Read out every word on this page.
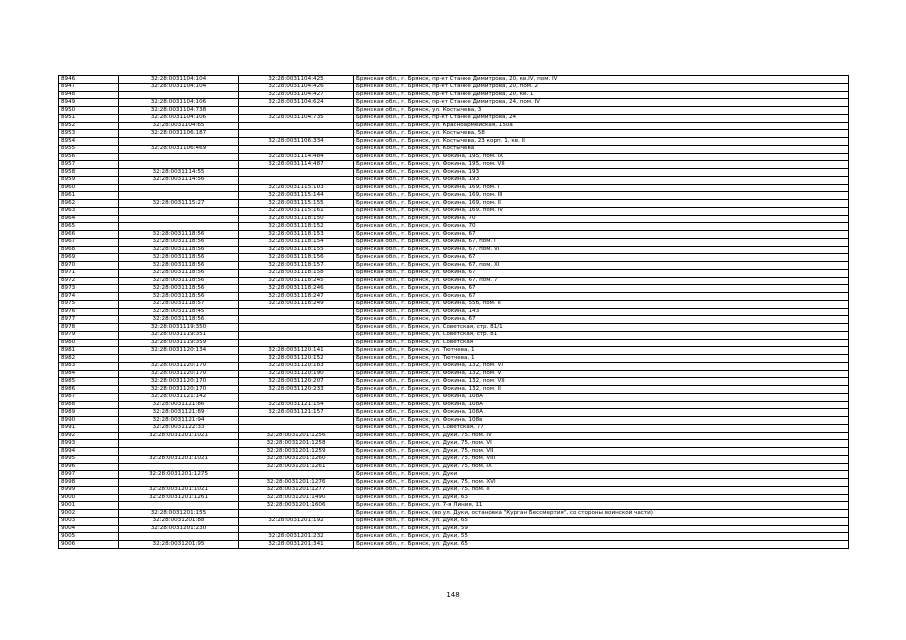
8946	32:28:0031104:104	32:28:0031104:425	Брянская обл., г. Брянск, пр-кт Станке Димитрова, 20, кв.IV, пом. IV
8947	32:28:0031104:104	32:28:0031104:426	Брянская обл., г. Брянск, пр-кт Станке Димитрова, 20, пом. 2
8948		32:28:0031104:427	Брянская обл., г. Брянск, пр-кт Станке Димитрова, 20, кв. 1
8949	32:28:0031104:106	32:28:0031104:624	Брянская обл., г. Брянск, пр-кт Станке Димитрова, 24, пом. IV
8950	32:28:0031104:738		Брянская обл., г. Брянск, ул. Костычева, 3
8951	32:28:0031104:106	32:28:0031104:735	Брянская обл., г. Брянск, пр-кт Станке Димитрова, 24
8952	32:28:0031104:65		Брянская обл., г. Брянск, ул. Красноармейская, 150а
8953	32:28:0031106:187		Брянская обл., г. Брянск, ул. Костычева, 58
8954		32:28:0031106:334	Брянская обл., г. Брянск, ул. Костычева, 23 корп. 1, кв. II
8955	32:28:0031106:469		Брянская обл., г. Брянск, ул. Костычева
8956		32:28:0031114:484	Брянская обл., г. Брянск, ул. Фокина, 195, пом. IX
8957		32:28:0031114:487	Брянская обл., г. Брянск, ул. Фокина, 195, пом. VII
8958	32:28:0031114:55		Брянская обл., г. Брянск, ул. Фокина, 193
8959	32:28:0031114:56		Брянская обл., г. Брянск, ул. Фокина, 193
8960		32:28:0031115:103	Брянская обл., г. Брянск, ул. Фокина, 169, пом. I
8961		32:28:0031115:144	Брянская обл., г. Брянск, ул. Фокина, 169, пом. III
8962	32:28:0031115:27	32:28:0031115:155	Брянская обл., г. Брянск, ул. Фокина, 169, пом. II
8963		32:28:0031115:161	Брянская обл., г. Брянск, ул. Фокина, 169, пом. IV
8964		32:28:0031118:150	Брянская обл., г. Брянск, ул. Фокина, 70
8965		32:28:0031118:152	Брянская обл., г. Брянск, ул. Фокина, 70
8966	32:28:0031118:56	32:28:0031118:153	Брянская обл., г. Брянск, ул. Фокина, 67
8967	32:28:0031118:56	32:28:0031118:154	Брянская обл., г. Брянск, ул. Фокина, 67, пом. I
8968	32:28:0031118:56	32:28:0031118:155	Брянская обл., г. Брянск, ул. Фокина, 67, пом. VI
8969	32:28:0031118:56	32:28:0031118:156	Брянская обл., г. Брянск, ул. Фокина, 67
8970	32:28:0031118:56	32:28:0031118:157	Брянская обл., г. Брянск, ул. Фокина, 67, пом. XI
8971	32:28:0031118:56	32:28:0031118:158	Брянская обл., г. Брянск, ул. Фокина, 67
8972	32:28:0031118:56	32:28:0031118:245	Брянская обл., г. Брянск, ул. Фокина, 67, пом. 7
8973	32:28:0031118:56	32:28:0031118:246	Брянская обл., г. Брянск, ул. Фокина, 67
8974	32:28:0031118:56	32:28:0031118:247	Брянская обл., г. Брянск, ул. Фокина, 67
8975	32:28:0031118:57	32:28:0031118:249	Брянская обл., г. Брянск, ул. Фокина, 55б, пом. II
8976	32:28:0031118:45		Брянская обл., г. Брянск, ул. Фокина, 143
8977	32:28:0031118:56		Брянская обл., г. Брянск, ул. Фокина, 67
8978	32:28:0031119:350		Брянская обл., г. Брянск, ул. Советская, стр. 81/1
8979	32:28:0031119:351		Брянская обл., г. Брянск, ул. Советская, стр. 81
8980	32:28:0031119:359		Брянская обл., г. Брянск, ул. Советская
8981	32:28:0031120:134	32:28:0031120:141	Брянская обл., г. Брянск, ул. Тютчева, 1
8982		32:28:0031120:152	Брянская обл., г. Брянск, ул. Тютчева, 1
8983	32:28:0031120:170	32:28:0031120:183	Брянская обл., г. Брянск, ул. Фокина, 132, пом. VI
8984	32:28:0031120:170	32:28:0031120:190	Брянская обл., г. Брянск, ул. Фокина, 132, пом. V
8985	32:28:0031120:170	32:28:0031120:207	Брянская обл., г. Брянск, ул. Фокина, 132, пом. VII
8986	32:28:0031120:170	32:28:0031120:233	Брянская обл., г. Брянск, ул. Фокина, 132, пом. II
8987	32:28:0031121:142		Брянская обл., г. Брянск, ул. Фокина, 108А
8988	32:28:0031121:86	32:28:0031121:154	Брянская обл., г. Брянск, ул. Фокина, 108А
8989	32:28:0031121:89	32:28:0031121:157	Брянская обл., г. Брянск, ул. Фокина, 108А
8990	32:28:0031121:94		Брянская обл., г. Брянск, ул. Фокина, 108в
8991	32:28:0031122:33		Брянская обл., г. Брянск, ул. Советская, 77
8992	32:28:0031201:1021	32:28:0031201:1256	Брянская обл., г. Брянск, ул. Дуки, 75, пом. IV
8993		32:28:0031201:1258	Брянская обл., г. Брянск, ул. Дуки, 75, пом. VI
8994		32:28:0031201:1259	Брянская обл., г. Брянск, ул. Дуки, 75, пом. VII
8995	32:28:0031201:1021	32:28:0031201:1260	Брянская обл., г. Брянск, ул. Дуки, 75, пом. VIII
8996		32:28:0031201:1261	Брянская обл., г. Брянск, ул. Дуки, 75, пом. IX
8997	32:28:0031201:1275		Брянская обл., г. Брянск, ул. Дуки
8998		32:28:0031201:1276	Брянская обл., г. Брянск, ул. Дуки, 75, пом. XVI
8999	32:28:0031201:1021	32:28:0031201:1277	Брянская обл., г. Брянск, ул. Дуки, 75, пом. II
9000	32:28:0031201:1261	32:28:0031201:1490	Брянская обл., г. Брянск, ул. Дуки, 63
9001		32:28:0031201:1606	Брянская обл., г. Брянск, ул. 7-я Линия, 11
9002	32:28:0031201:155		Брянская обл., г. Брянск, (во ул. Дуки, остановка "Курган Бессмертия", со стороны воинской части)
9003	32:28:0031201:88	32:28:0031201:192	Брянская обл., г. Брянск, ул. Дуки, 65
9004	32:28:0031201:230		Брянская обл., г. Брянск, ул. Дуки, 59
9005		32:28:0031201:232	Брянская обл., г. Брянск, ул. Дуки, 55
9006	32:28:0031201:95	32:28:0031201:341	Брянская обл., г. Брянск, ул. Дуки, 65
148
